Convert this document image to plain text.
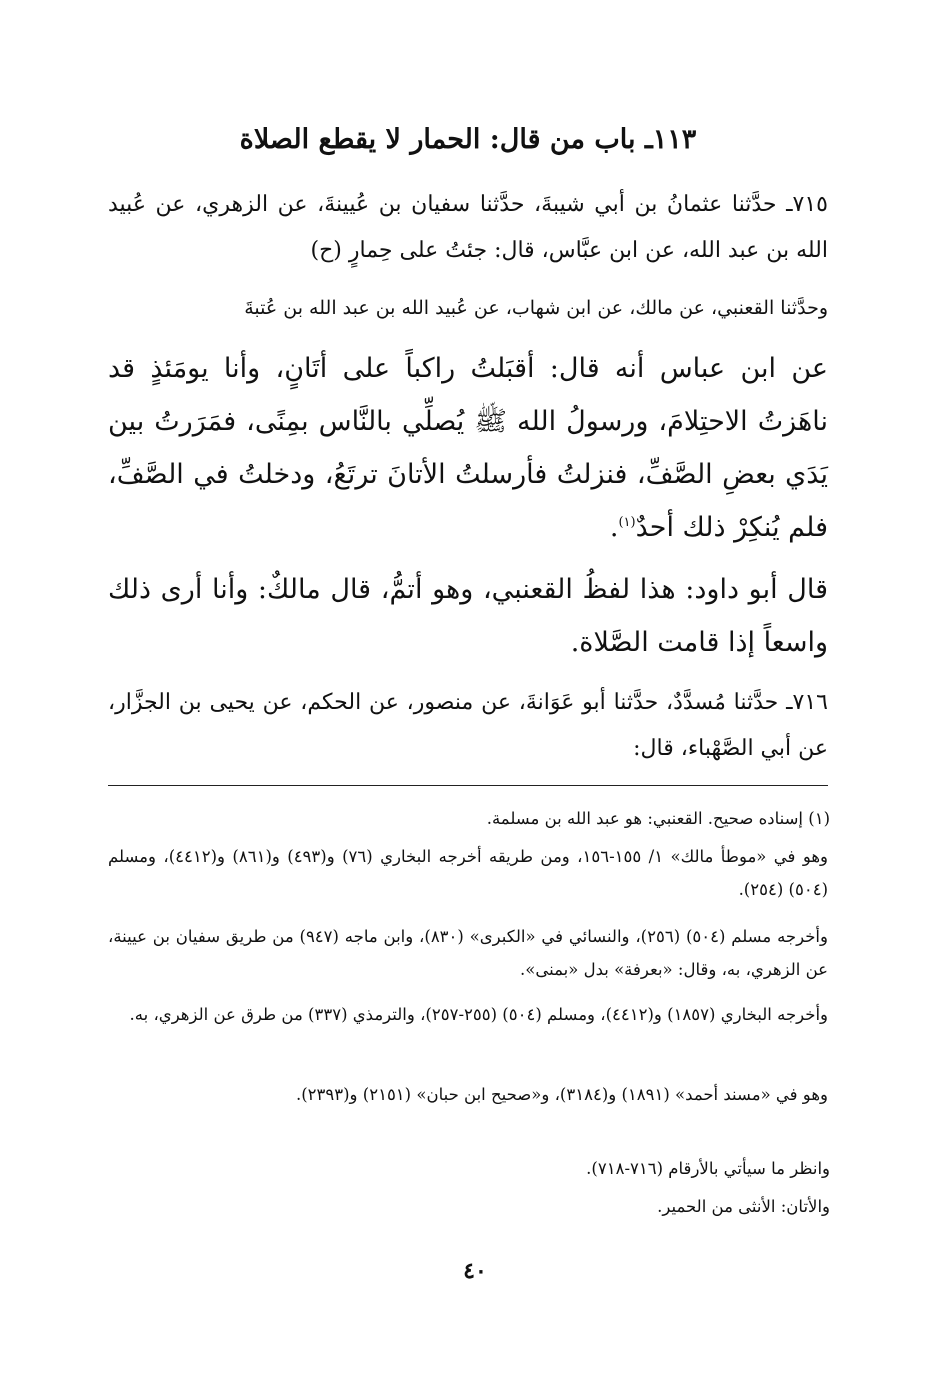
١١٣ـ باب من قال: الحمار لا يقطع الصلاة
٧١٥ـ حدَّثنا عثمانُ بن أبي شيبةَ، حدَّثنا سفيان بن عُيينةَ، عن الزهري، عن عُبيد الله بن عبد الله، عن ابن عبَّاس، قال: جئتُ على حِمارٍ (ح)
وحدَّثنا القعنبي، عن مالك، عن ابن شهاب، عن عُبيد الله بن عبد الله بن عُتبةَ
عن ابن عباس أنه قال: أقبَلتُ راكباً على أتَانٍ، وأنا يومَئذٍ قد ناهَزتُ الاحتِلامَ، ورسولُ الله ﷺ يُصلِّي بالنَّاس بمِنًى، فمَرَرتُ بين يَدَي بعضِ الصَّفِّ، فنزلتُ فأرسلتُ الأتانَ ترتَعُ، ودخلتُ في الصَّفِّ، فلم يُنكِرْ ذلك أحدٌ$^{(١)}$.
قال أبو داود: هذا لفظُ القعنبي، وهو أتمُّ، قال مالكٌ: وأنا أرى ذلك واسعاً إذا قامت الصَّلاة.
٧١٦ـ حدَّثنا مُسدَّدٌ، حدَّثنا أبو عَوَانةَ، عن منصور، عن الحكم، عن يحيى بن الجزَّار، عن أبي الصَّهْباء، قال:
(١) إسناده صحيح. القعنبي: هو عبد الله بن مسلمة.
وهو في «موطأ مالك» ١/ ١٥٥-١٥٦، ومن طريقه أخرجه البخاري (٧٦) و(٤٩٣) و(٨٦١) و(٤٤١٢)، ومسلم (٥٠٤) (٢٥٤).
وأخرجه مسلم (٥٠٤) (٢٥٦)، والنسائي في «الكبرى» (٨٣٠)، وابن ماجه (٩٤٧) من طريق سفيان بن عيينة، عن الزهري، به، وقال: «بعرفة» بدل «بمنى».
وأخرجه البخاري (١٨٥٧) و(٤٤١٢)، ومسلم (٥٠٤) (٢٥٥-٢٥٧)، والترمذي (٣٣٧) من طرق عن الزهري، به.
وهو في «مسند أحمد» (١٨٩١) و(٣١٨٤)، و«صحيح ابن حبان» (٢١٥١) و(٢٣٩٣).
وانظر ما سيأتي بالأرقام (٧١٦-٧١٨).
والأتان: الأنثى من الحمير.
٤٠
